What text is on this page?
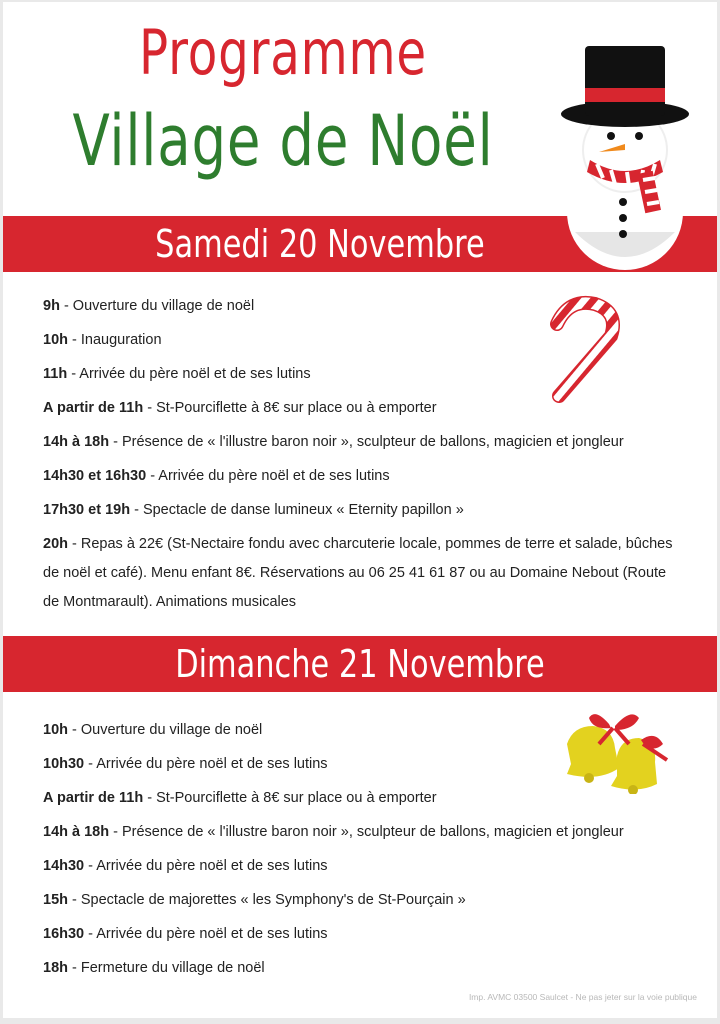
Programme
Village de Noël
Samedi 20 Novembre
9h - Ouverture du village de noël
10h - Inauguration
11h - Arrivée du père noël et de ses lutins
A partir de 11h - St-Pourciflette à 8€ sur place ou à emporter
14h à 18h - Présence de « l'illustre baron noir », sculpteur de ballons, magicien et jongleur
14h30 et 16h30 - Arrivée du père noël et de ses lutins
17h30 et 19h - Spectacle de danse lumineux « Eternity papillon »
20h - Repas à 22€ (St-Nectaire fondu avec charcuterie locale, pommes de terre et salade, bûches de noël et café). Menu enfant 8€. Réservations au 06 25 41 61 87 ou au Domaine Nebout (Route de Montmarault). Animations musicales
Dimanche 21 Novembre
10h - Ouverture du village de noël
10h30 - Arrivée du père noël et de ses lutins
A partir de 11h - St-Pourciflette à 8€ sur place ou à emporter
14h à 18h - Présence de « l'illustre baron noir », sculpteur de ballons, magicien et jongleur
14h30 - Arrivée du père noël et de ses lutins
15h - Spectacle de majorettes « les Symphony's de St-Pourçain »
16h30 - Arrivée du père noël et de ses lutins
18h - Fermeture du village de noël
Imp. AVMC 03500 Saulcet - Ne pas jeter sur la voie publique
